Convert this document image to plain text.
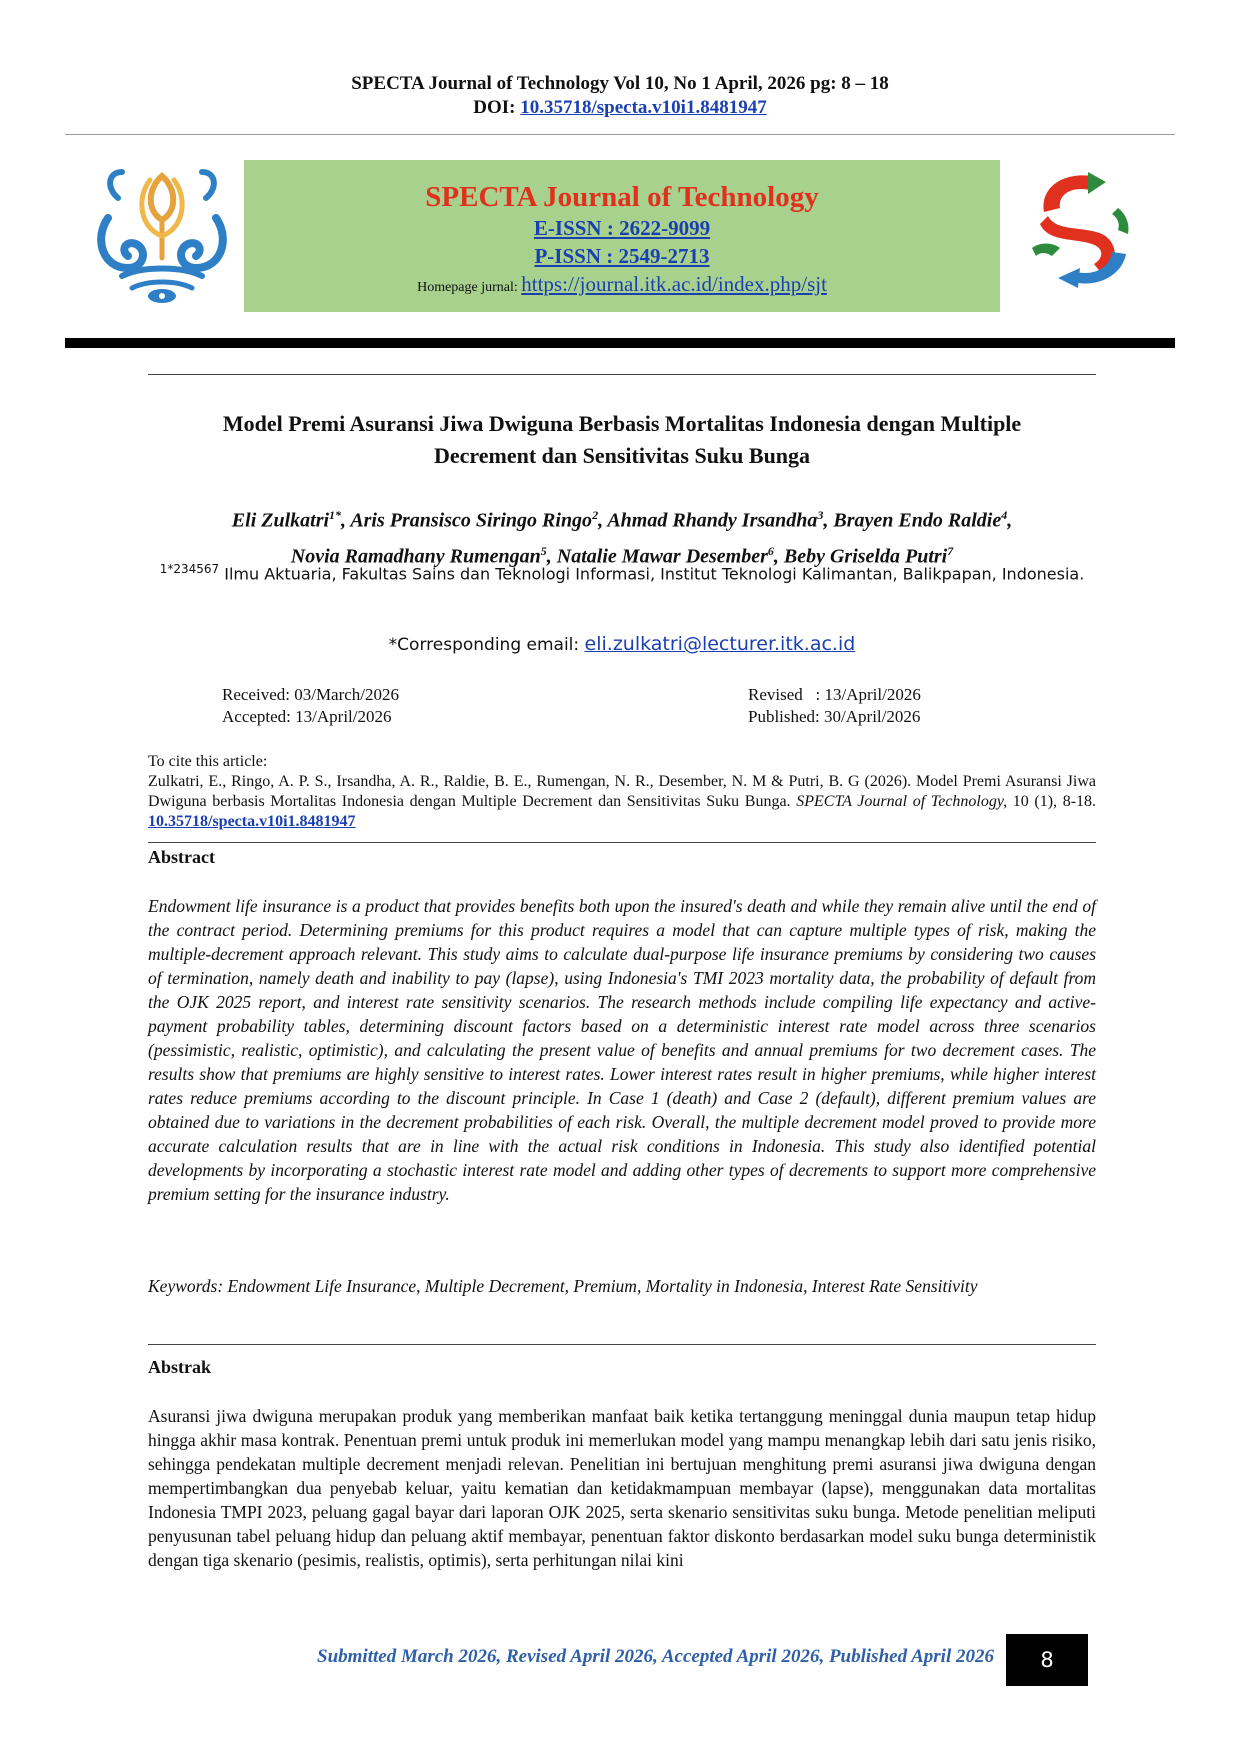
SPECTA Journal of Technology Vol 10, No 1 April, 2026 pg: 8 – 18
DOI: 10.35718/specta.v10i1.8481947
SPECTA Journal of Technology
E-ISSN : 2622-9099
P-ISSN : 2549-2713
Homepage jurnal: https://journal.itk.ac.id/index.php/sjt
Model Premi Asuransi Jiwa Dwiguna Berbasis Mortalitas Indonesia dengan Multiple
Decrement dan Sensitivitas Suku Bunga
Eli Zulkatri$^{1*}$, Aris Pransisco Siringo Ringo$^2$, Ahmad Rhandy Irsandha$^3$, Brayen Endo Raldie$^4$,
Novia Ramadhany Rumengan$^5$, Natalie Mawar Desember$^6$, Beby Griselda Putri$^7$
$^{1*234567}$ Ilmu Aktuaria, Fakultas Sains dan Teknologi Informasi, Institut Teknologi Kalimantan, Balikpapan, Indonesia.
*Corresponding email: eli.zulkatri@lecturer.itk.ac.id
Received: 03/March/2026
Accepted: 13/April/2026
Revised   : 13/April/2026
Published: 30/April/2026
To cite this article:
Zulkatri, E., Ringo, A. P. S., Irsandha, A. R., Raldie, B. E., Rumengan, N. R., Desember, N. M & Putri, B. G (2026). Model Premi Asuransi Jiwa Dwiguna berbasis Mortalitas Indonesia dengan Multiple Decrement dan Sensitivitas Suku Bunga. SPECTA Journal of Technology, 10 (1), 8-18. 10.35718/specta.v10i1.8481947
Abstract
Endowment life insurance is a product that provides benefits both upon the insured's death and while they remain alive until the end of the contract period. Determining premiums for this product requires a model that can capture multiple types of risk, making the multiple-decrement approach relevant. This study aims to calculate dual-purpose life insurance premiums by considering two causes of termination, namely death and inability to pay (lapse), using Indonesia's TMI 2023 mortality data, the probability of default from the OJK 2025 report, and interest rate sensitivity scenarios. The research methods include compiling life expectancy and active-payment probability tables, determining discount factors based on a deterministic interest rate model across three scenarios (pessimistic, realistic, optimistic), and calculating the present value of benefits and annual premiums for two decrement cases. The results show that premiums are highly sensitive to interest rates. Lower interest rates result in higher premiums, while higher interest rates reduce premiums according to the discount principle. In Case 1 (death) and Case 2 (default), different premium values are obtained due to variations in the decrement probabilities of each risk. Overall, the multiple decrement model proved to provide more accurate calculation results that are in line with the actual risk conditions in Indonesia. This study also identified potential developments by incorporating a stochastic interest rate model and adding other types of decrements to support more comprehensive premium setting for the insurance industry.
Keywords: Endowment Life Insurance, Multiple Decrement, Premium, Mortality in Indonesia, Interest Rate Sensitivity
Abstrak
Asuransi jiwa dwiguna merupakan produk yang memberikan manfaat baik ketika tertanggung meninggal dunia maupun tetap hidup hingga akhir masa kontrak. Penentuan premi untuk produk ini memerlukan model yang mampu menangkap lebih dari satu jenis risiko, sehingga pendekatan multiple decrement menjadi relevan. Penelitian ini bertujuan menghitung premi asuransi jiwa dwiguna dengan mempertimbangkan dua penyebab keluar, yaitu kematian dan ketidakmampuan membayar (lapse), menggunakan data mortalitas Indonesia TMPI 2023, peluang gagal bayar dari laporan OJK 2025, serta skenario sensitivitas suku bunga. Metode penelitian meliputi penyusunan tabel peluang hidup dan peluang aktif membayar, penentuan faktor diskonto berdasarkan model suku bunga deterministik dengan tiga skenario (pesimis, realistis, optimis), serta perhitungan nilai kini
Submitted March 2026, Revised April 2026, Accepted April 2026, Published April 2026	8
